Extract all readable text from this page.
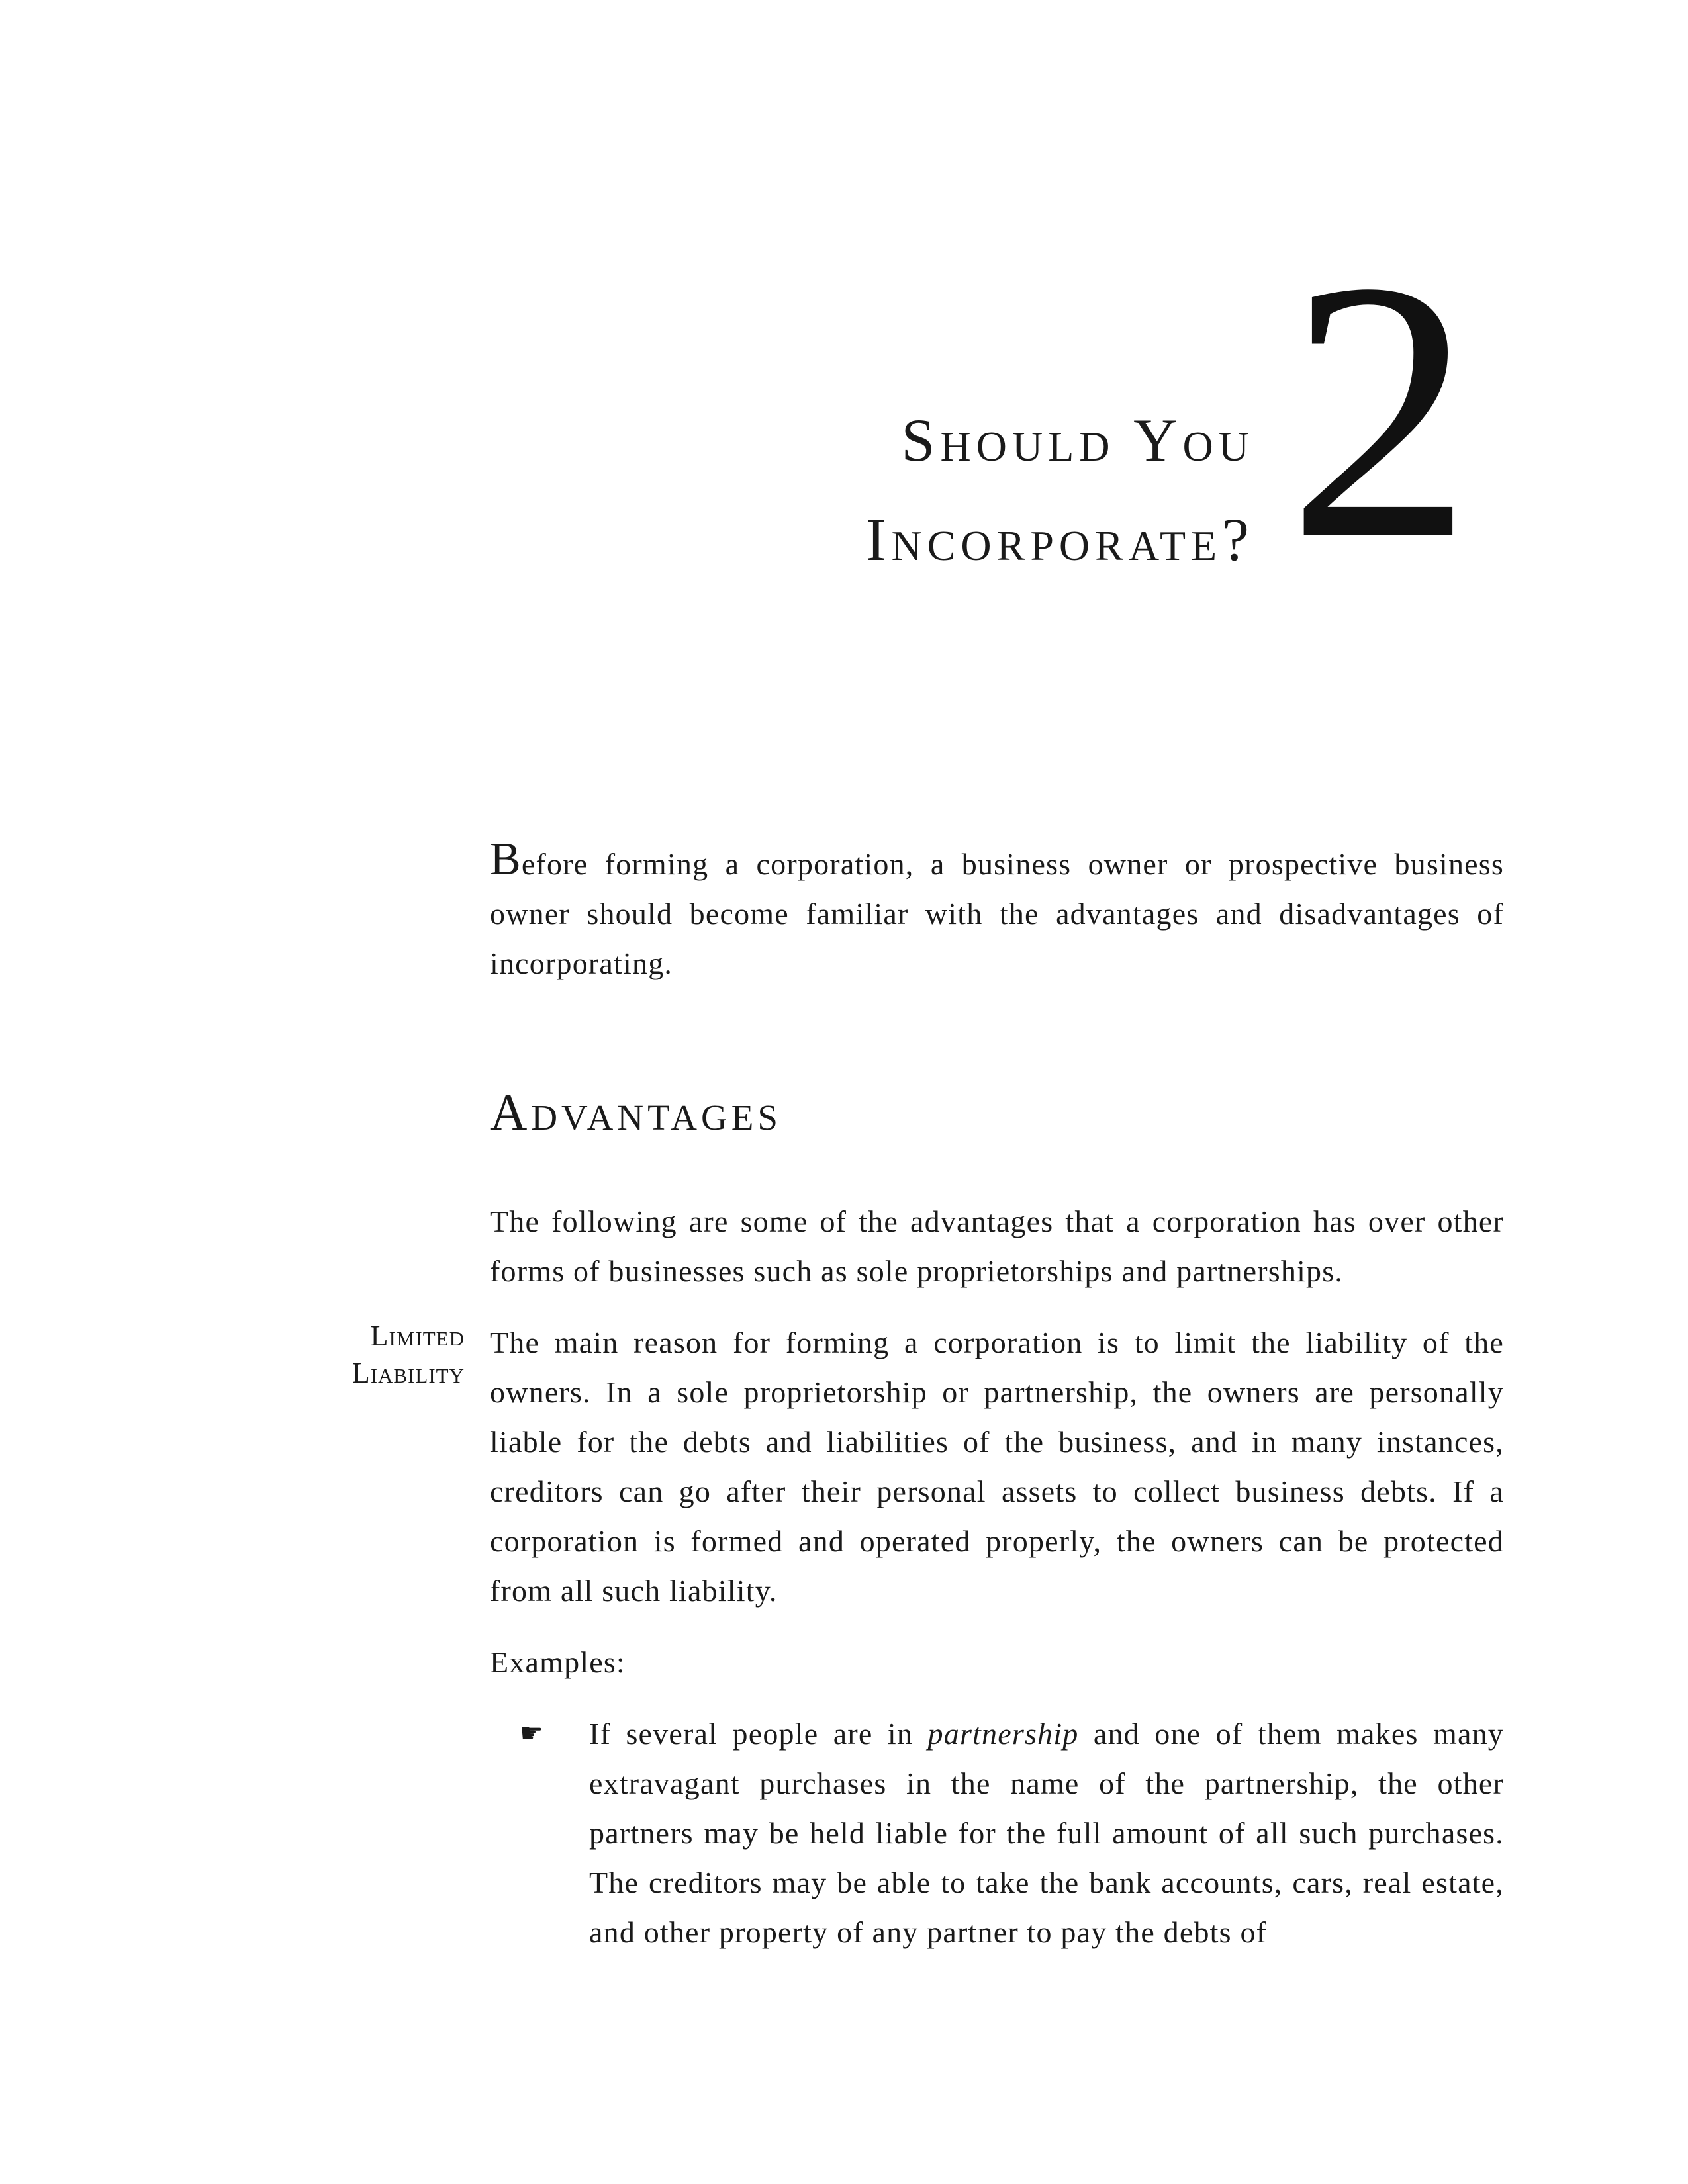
Should You
Incorporate? 2

Before forming a corporation, a business owner or prospective business owner should become familiar with the advantages and disadvantages of incorporating.

Advantages

The following are some of the advantages that a corporation has over other forms of businesses such as sole proprietorships and partnerships.

Limited
Liability

The main reason for forming a corporation is to limit the liability of the owners. In a sole proprietorship or partnership, the owners are personally liable for the debts and liabilities of the business, and in many instances, creditors can go after their personal assets to collect business debts. If a corporation is formed and operated properly, the owners can be protected from all such liability.

Examples:

☛ If several people are in partnership and one of them makes many extravagant purchases in the name of the partnership, the other partners may be held liable for the full amount of all such purchases. The creditors may be able to take the bank accounts, cars, real estate, and other property of any partner to pay the debts of
